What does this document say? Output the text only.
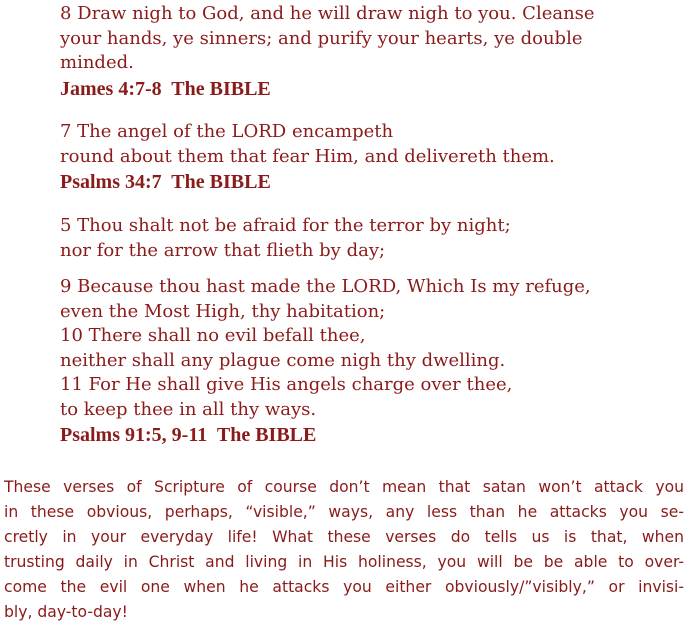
8 Draw nigh to God, and he will draw nigh to you. Cleanse
your hands, ye sinners; and purify your hearts, ye double
minded.
James 4:7-8  The BIBLE
7 The angel of the LORD encampeth
round about them that fear Him, and delivereth them.
Psalms 34:7  The BIBLE
5 Thou shalt not be afraid for the terror by night;
nor for the arrow that flieth by day;
9 Because thou hast made the LORD, Which Is my refuge,
even the Most High, thy habitation;
10 There shall no evil befall thee,
neither shall any plague come nigh thy dwelling.
11 For He shall give His angels charge over thee,
to keep thee in all thy ways.
Psalms 91:5, 9-11  The BIBLE
These verses of Scripture of course don’t mean that satan won’t attack you
in these obvious, perhaps, “visible,” ways, any less than he attacks you se-
cretly in your everyday life! What these verses do tells us is that, when
trusting daily in Christ and living in His holiness, you will be be able to over-
come the evil one when he attacks you either obviously/”visibly,” or invisi-
bly, day-to-day!
